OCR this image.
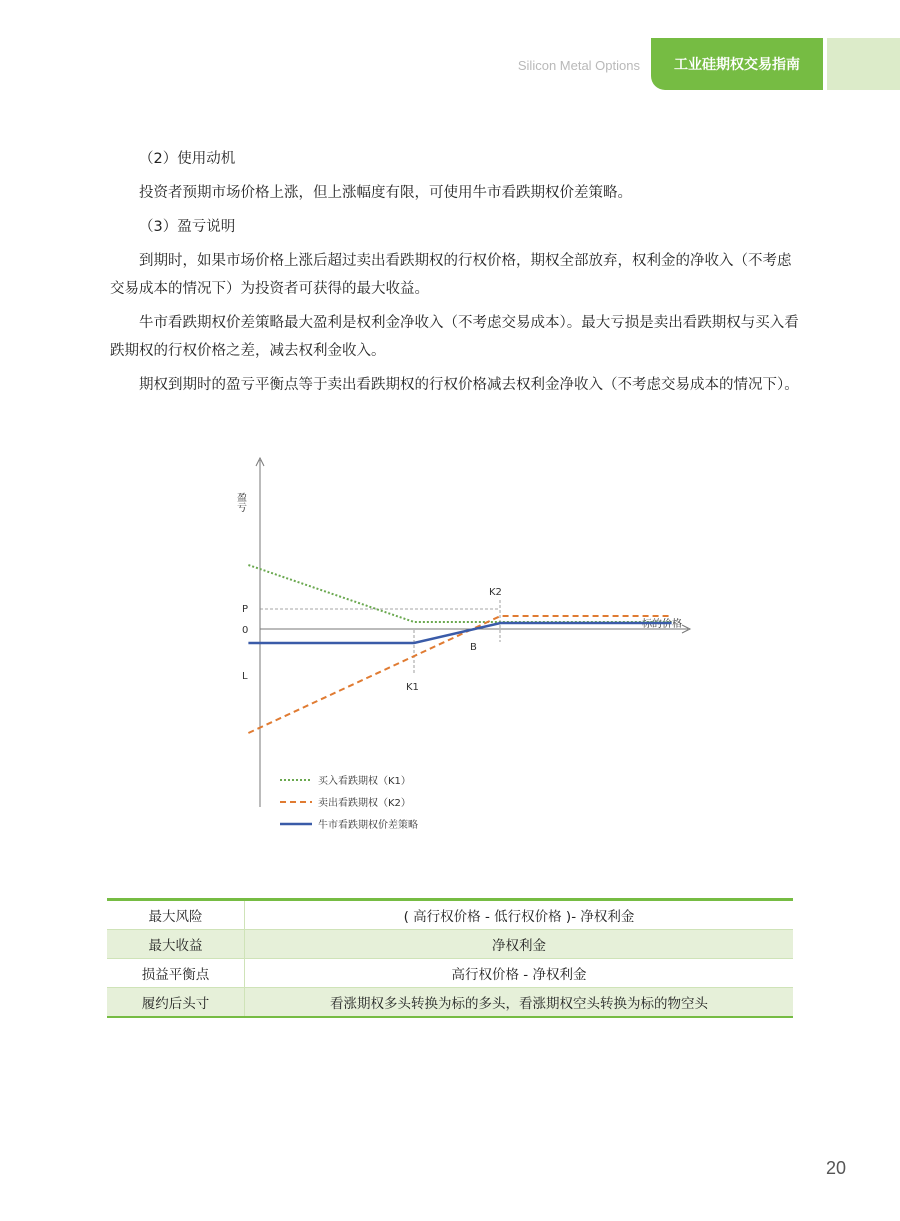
Silicon Metal Options 工业硅期权交易指南

（2）使用动机

投资者预期市场价格上涨，但上涨幅度有限，可使用牛市看跌期权价差策略。

（3）盈亏说明

到期时，如果市场价格上涨后超过卖出看跌期权的行权价格，期权全部放弃，权利金的净收入（不考虑交易成本的情况下）为投资者可获得的最大收益。

牛市看跌期权价差策略最大盈利是权利金净收入（不考虑交易成本）。最大亏损是卖出看跌期权与买入看跌期权的行权价格之差，减去权利金收入。

期权到期时的盈亏平衡点等于卖出看跌期权的行权价格减去权利金净收入（不考虑交易成本的情况下）。

盈亏
标的价格
P
0
L
K2
K1
B
买入看跌期权（K1）
卖出看跌期权（K2）
牛市看跌期权价差策略
最大风险	( 高行权价格 - 低行权价格 )- 净权利金
最大收益	净权利金
损益平衡点	高行权价格 - 净权利金
履约后头寸	看涨期权多头转换为标的多头，看涨期权空头转换为标的物空头
20
